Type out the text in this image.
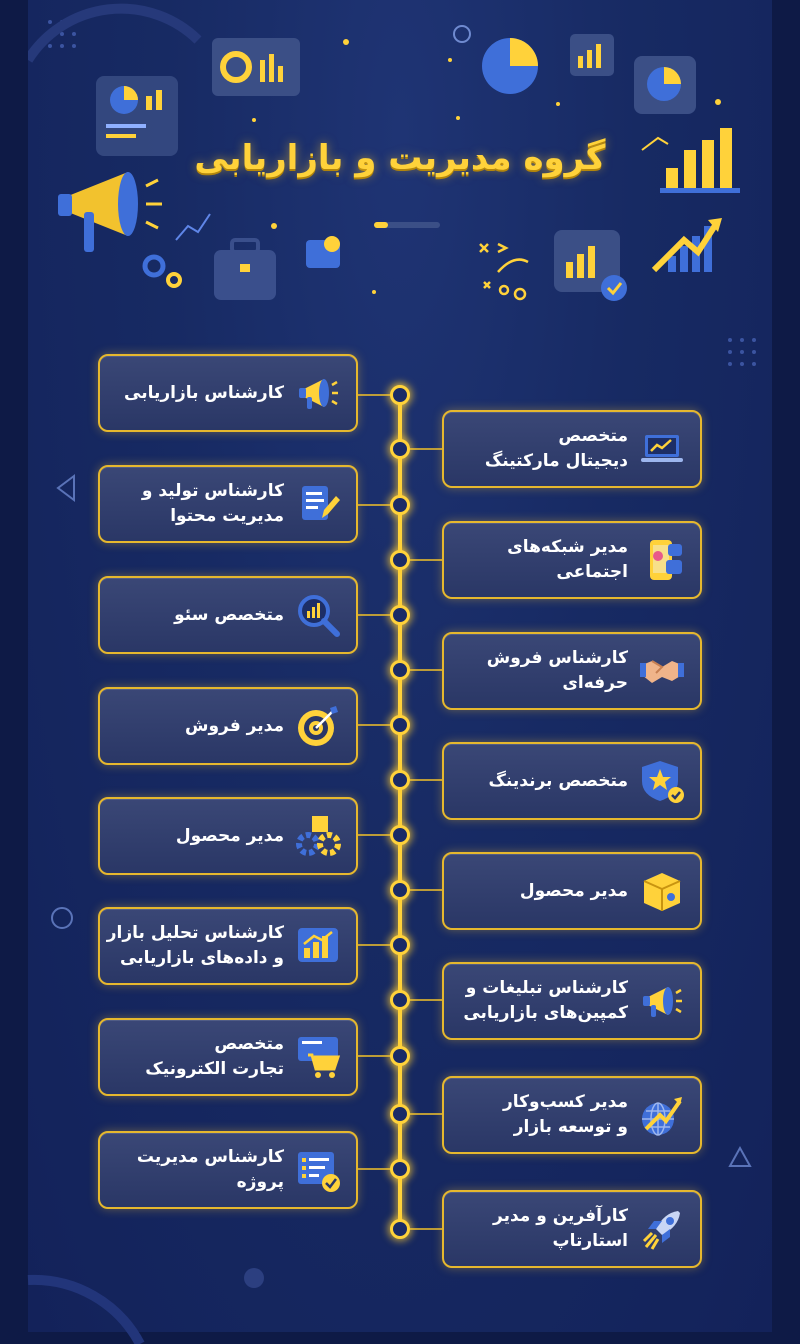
گروه مدیریت و بازاریابی
کارشناس بازاریابی
متخصص
دیجیتال مارکتینگ
کارشناس تولید و
مدیریت محتوا
مدیر شبکه‌های
اجتماعی
متخصص سئو
کارشناس فروش
حرفه‌ای
مدیر فروش
متخصص برندینگ
مدیر محصول
مدیر محصول
کارشناس تحلیل بازار
و داده‌های بازاریابی
کارشناس تبلیغات و
کمپین‌های بازاریابی
متخصص
تجارت الکترونیک
مدیر کسب‌وکار
و توسعه بازار
کارشناس مدیریت پروژه
کارآفرین و مدیر استارتاپ
